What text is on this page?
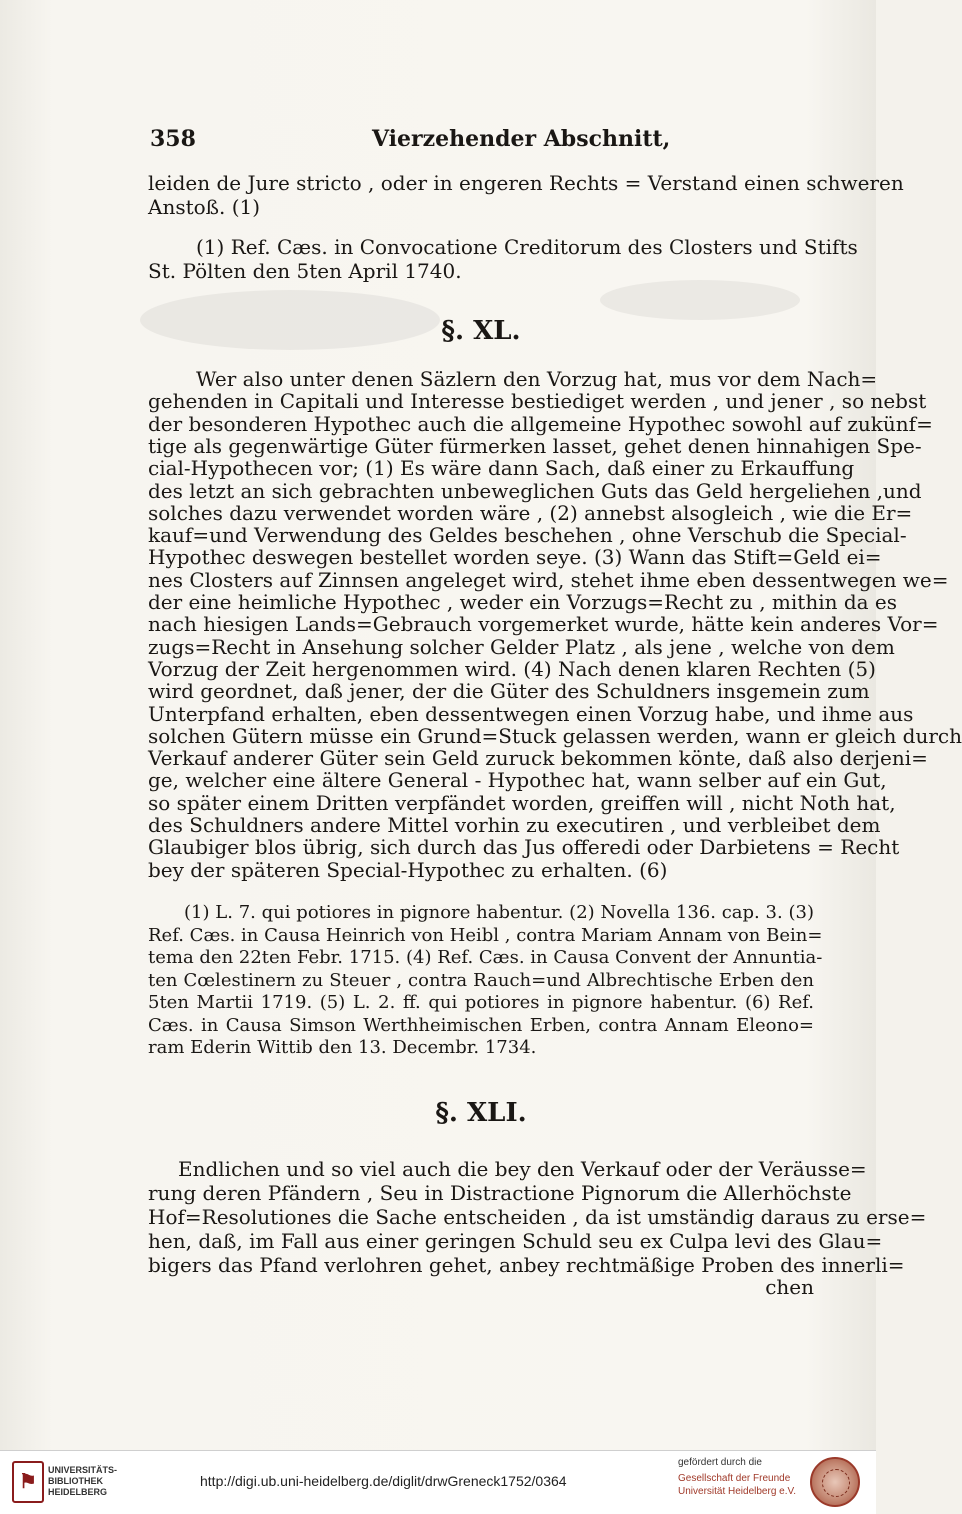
358	Vierzehender Abschnitt,
leiden de Jure stricto , oder in engeren Rechts = Verstand einen schweren
Anstoß. (1)
(1) Ref. Cæs. in Convocatione Creditorum des Closters und Stifts
St. Pölten den 5ten April 1740.
§. XL.
Wer also unter denen Säzlern den Vorzug hat, mus vor dem Nach=
gehenden in Capitali und Interesse bestiediget werden , und jener , so nebst
der besonderen Hypothec auch die allgemeine Hypothec sowohl auf zukünf=
tige als gegenwärtige Güter fürmerken lasset, gehet denen hinnahigen Spe-
cial-Hypothecen vor; (1) Es wäre dann Sach, daß einer zu Erkauffung
des letzt an sich gebrachten unbeweglichen Guts das Geld hergeliehen ,und
solches dazu verwendet worden wäre , (2) annebst alsogleich , wie die Er=
kauf=und Verwendung des Geldes beschehen , ohne Verschub die Special-
Hypothec deswegen bestellet worden seye. (3) Wann das Stift=Geld ei=
nes Closters auf Zinnsen angeleget wird, stehet ihme eben dessentwegen we=
der eine heimliche Hypothec , weder ein Vorzugs=Recht zu , mithin da es
nach hiesigen Lands=Gebrauch vorgemerket wurde, hätte kein anderes Vor=
zugs=Recht in Ansehung solcher Gelder Platz , als jene , welche von dem
Vorzug der Zeit hergenommen wird. (4) Nach denen klaren Rechten (5)
wird geordnet, daß jener, der die Güter des Schuldners insgemein zum
Unterpfand erhalten, eben dessentwegen einen Vorzug habe, und ihme aus
solchen Gütern müsse ein Grund=Stuck gelassen werden, wann er gleich durch
Verkauf anderer Güter sein Geld zuruck bekommen könte, daß also derjeni=
ge, welcher eine ältere General - Hypothec hat, wann selber auf ein Gut,
so später einem Dritten verpfändet worden, greiffen will , nicht Noth hat,
des Schuldners andere Mittel vorhin zu executiren , und verbleibet dem
Glaubiger blos übrig, sich durch das Jus offeredi oder Darbietens = Recht
bey der späteren Special-Hypothec zu erhalten. (6)
(1) L. 7. qui potiores in pignore habentur. (2) Novella 136. cap. 3. (3)
Ref. Cæs. in Causa Heinrich von Heibl , contra Mariam Annam von Bein=
tema den 22ten Febr. 1715. (4) Ref. Cæs. in Causa Convent der Annuntia-
ten Cœlestinern zu Steuer , contra Rauch=und Albrechtische Erben den
5ten Martii 1719. (5) L. 2. ff. qui potiores in pignore habentur. (6) Ref.
Cæs. in Causa Simson Werthheimischen Erben, contra Annam Eleono=
ram Ederin Wittib den 13. Decembr. 1734.
§. XLI.
Endlichen und so viel auch die bey den Verkauf oder der Veräusse=
rung deren Pfändern , Seu in Distractione Pignorum die Allerhöchste
Hof=Resolutiones die Sache entscheiden , da ist umständig daraus zu erse=
hen, daß, im Fall aus einer geringen Schuld seu ex Culpa levi des Glau=
bigers das Pfand verlohren gehet, anbey rechtmäßige Proben des innerli=
chen
⚑
UNIVERSITÄTS-
BIBLIOTHEK
HEIDELBERG
http://digi.ub.uni-heidelberg.de/diglit/drwGreneck1752/0364
gefördert durch die
Gesellschaft der Freunde
Universität Heidelberg e.V.
